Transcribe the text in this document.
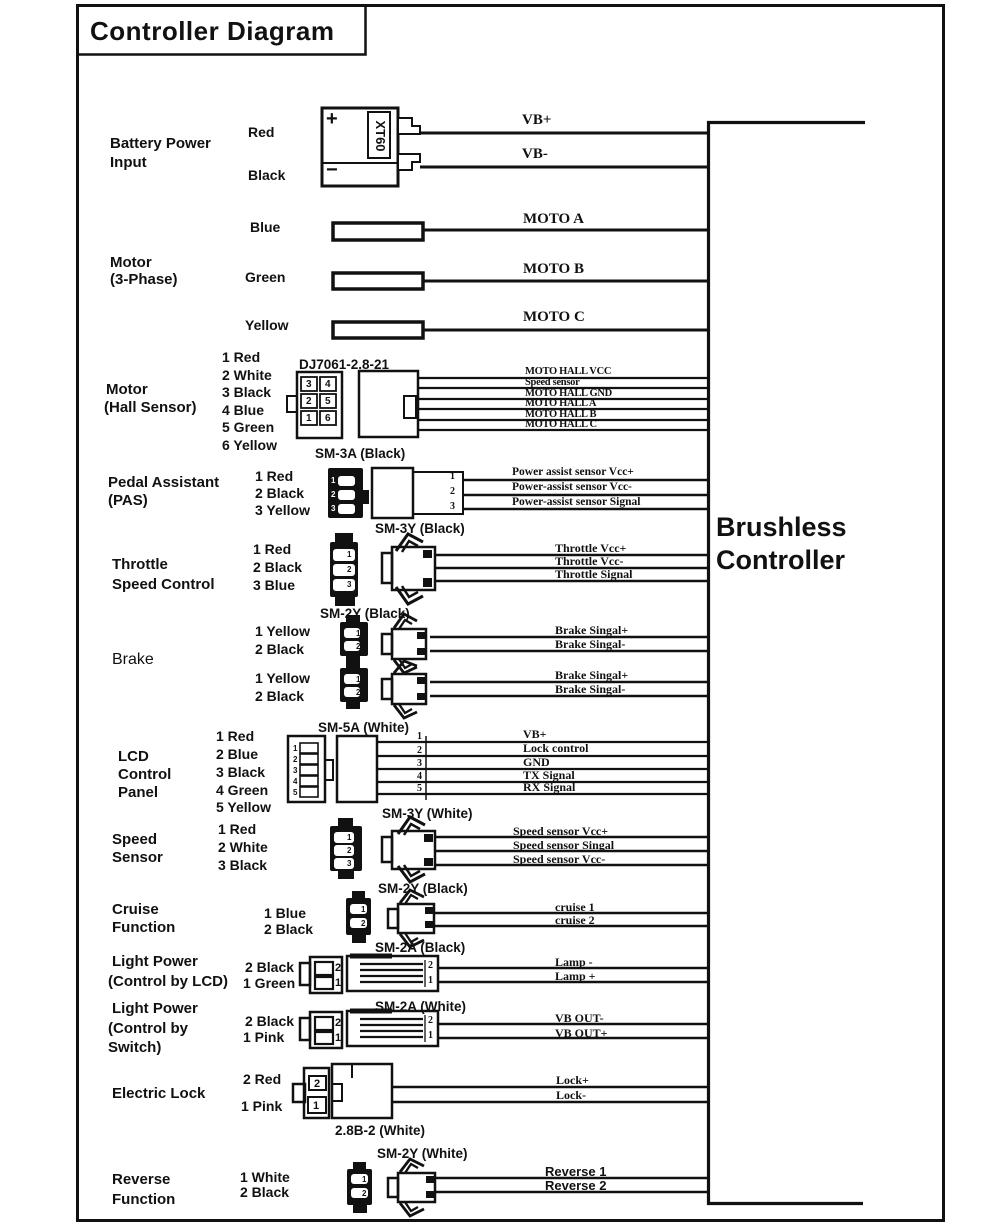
Controller Diagram
Brushless
Controller
Battery Power
Input
Red
Black
+
−
XT60
VB+
VB-
Motor
(3-Phase)
Blue
Green
Yellow
MOTO A
MOTO B
MOTO C
Motor
(Hall Sensor)
DJ7061-2.8-21
1 Red
2 White
3 Black
4 Blue
5 Green
6 Yellow
3 4
2 5
1 6
MOTO HALL VCC
Speed sensor
MOTO HALL GND
MOTO HALL A
MOTO HALL B
MOTO HALL C
Pedal Assistant
(PAS)
SM-3A (Black)
1 Red
2 Black
3 Yellow
1
2
3
1
2
3
Power assist sensor Vcc+
Power-assist sensor Vcc-
Power-assist sensor Signal
Throttle
Speed Control
SM-3Y (Black)
1 Red
2 Black
3 Blue
1
2
3
Throttle Vcc+
Throttle Vcc-
Throttle Signal
Brake
SM-2Y (Black)
1 Yellow
2 Black
1 Yellow
2 Black
1
2
1
2
Brake Singal+
Brake Singal-
Brake Singal+
Brake Singal-
LCD
Control
Panel
SM-5A (White)
1 Red
2 Blue
3 Black
4 Green
5 Yellow
1
2
3
4
5
1
2
3
4
5
VB+
Lock control
GND
TX Signal
RX Signal
Speed
Sensor
SM-3Y (White)
1 Red
2 White
3 Black
1
2
3
Speed sensor Vcc+
Speed sensor Singal
Speed sensor Vcc-
Cruise
Function
SM-2Y (Black)
1 Blue
2 Black
1
2
cruise 1
cruise 2
Light Power
(Control by LCD)
SM-2A (Black)
2 Black
1 Green
2
1
2
1
Lamp -
Lamp +
Light Power
(Control by
Switch)
SM-2A (White)
2 Black
1 Pink
2
1
2
1
VB OUT-
VB OUT+
Electric Lock
2.8B-2 (White)
2 Red
1 Pink
2
1
Lock+
Lock-
Reverse
Function
SM-2Y (White)
1 White
2 Black
1
2
Reverse 1
Reverse 2
